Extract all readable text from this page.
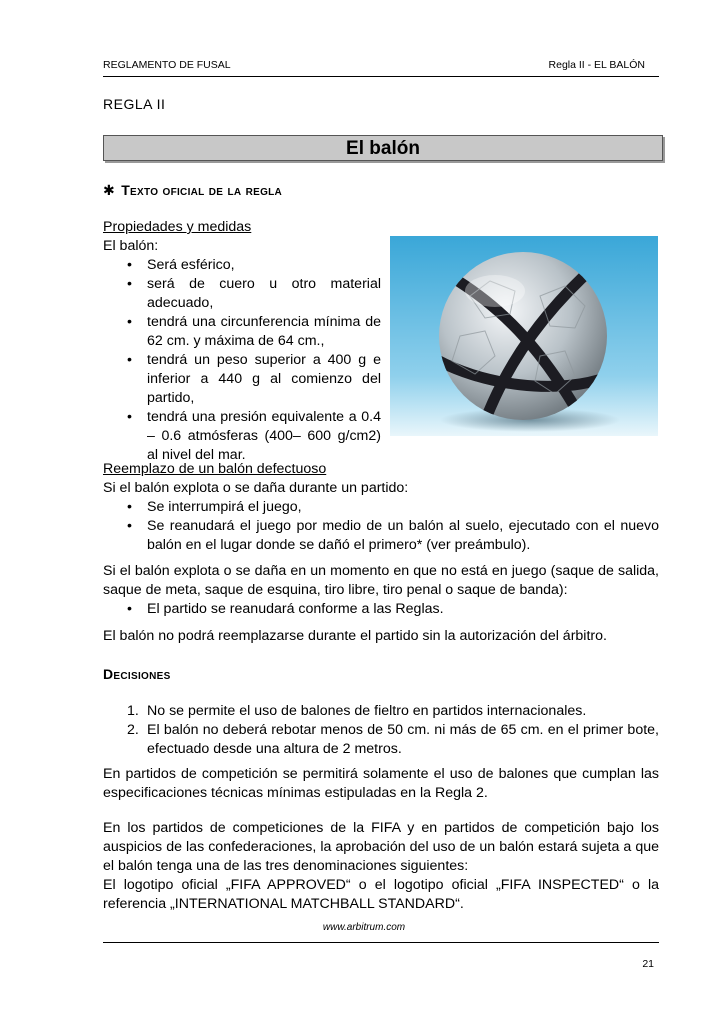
REGLAMENTO DE FUSAL	Regla II - EL BALÓN
REGLA II
El balón
✱ Texto oficial de la regla
Propiedades y medidas
El balón:
• Será esférico,
• será de cuero u otro material adecuado,
• tendrá una circunferencia mínima de 62 cm. y máxima de 64 cm.,
• tendrá un peso superior a 400 g e inferior a 440 g al comienzo del partido,
• tendrá una presión equivalente a 0.4 – 0.6 atmósferas (400– 600 g/cm2) al nivel del mar.
Reemplazo de un balón defectuoso
Si el balón explota o se daña durante un partido:
• Se interrumpirá el juego,
• Se reanudará el juego por medio de un balón al suelo, ejecutado con el nuevo balón en el lugar donde se dañó el primero* (ver preámbulo).
Si el balón explota o se daña en un momento en que no está en juego (saque de salida, saque de meta, saque de esquina, tiro libre, tiro penal o saque de banda):
• El partido se reanudará conforme a las Reglas.
El balón no podrá reemplazarse durante el partido sin la autorización del árbitro.
Decisiones
1. No se permite el uso de balones de fieltro en partidos internacionales.
2. El balón no deberá rebotar menos de 50 cm. ni más de 65 cm. en el primer bote, efectuado desde una altura de 2 metros.
En partidos de competición se permitirá solamente el uso de balones que cumplan las especificaciones técnicas mínimas estipuladas en la Regla 2.
En los partidos de competiciones de la FIFA y en partidos de competición bajo los auspicios de las confederaciones, la aprobación del uso de un balón estará sujeta a que el balón tenga una de las tres denominaciones siguientes:
El logotipo oficial „FIFA APPROVED“ o el logotipo oficial „FIFA INSPECTED“ o la referencia „INTERNATIONAL MATCHBALL STANDARD“.
www.arbitrum.com
21
